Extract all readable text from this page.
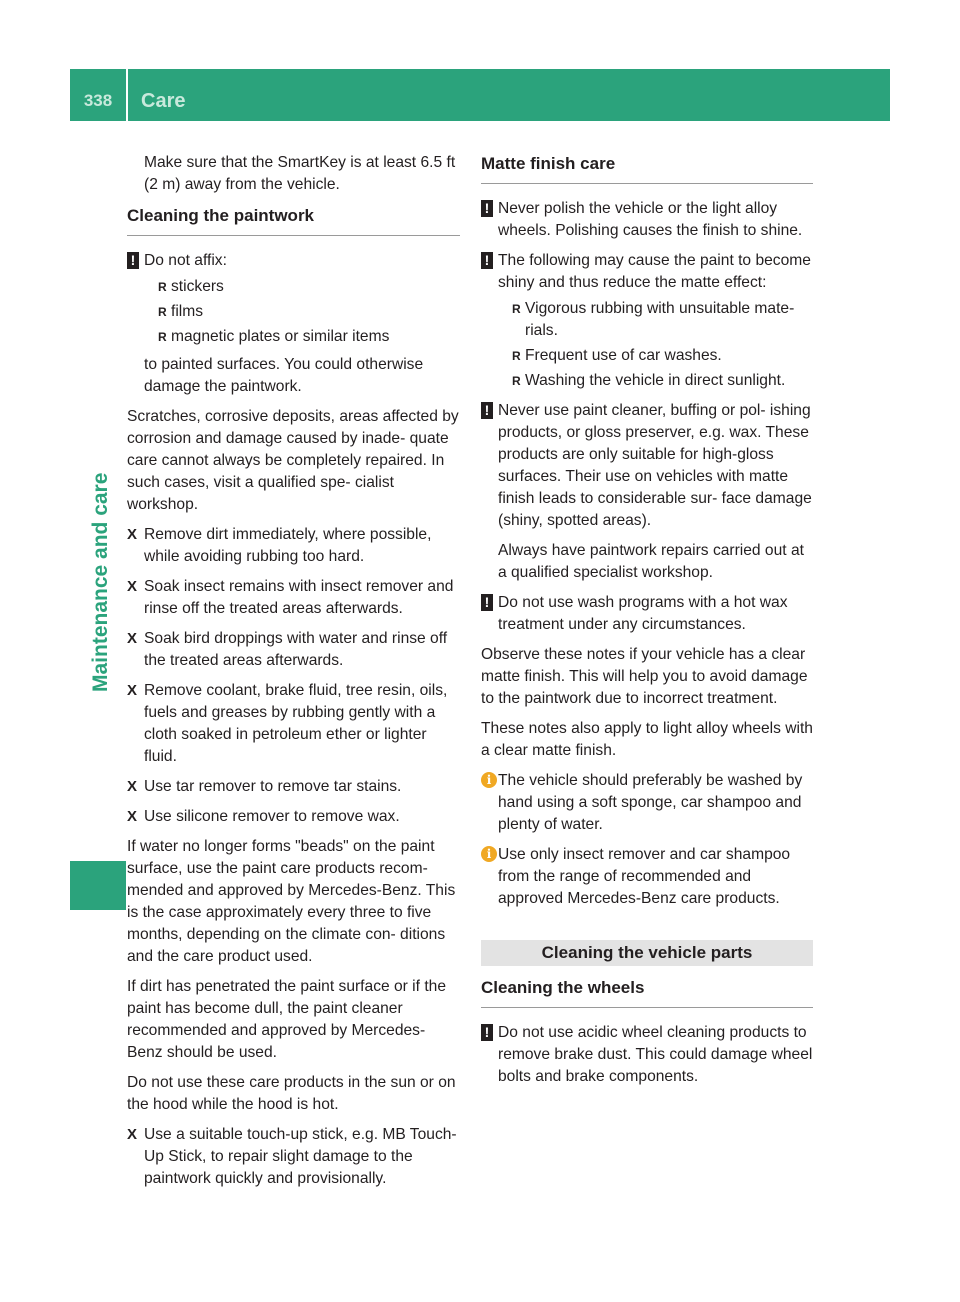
338	Care
Maintenance and care

Make sure that the SmartKey is at least 6.5 ft (2 m) away from the vehicle.

Cleaning the paintwork
! Do not affix:

R stickers
R films
R magnetic plates or similar items

to painted surfaces. You could otherwise damage the paintwork.

Scratches, corrosive deposits, areas affected by corrosion and damage caused by inade- quate care cannot always be completely repaired. In such cases, visit a qualified spe- cialist workshop.

X Remove dirt immediately, where possible, while avoiding rubbing too hard.
X Soak insect remains with insect remover and rinse off the treated areas afterwards.
X Soak bird droppings with water and rinse off the treated areas afterwards.
X Remove coolant, brake fluid, tree resin, oils, fuels and greases by rubbing gently with a cloth soaked in petroleum ether or lighter fluid.
X Use tar remover to remove tar stains.
X Use silicone remover to remove wax.

If water no longer forms "beads" on the paint surface, use the paint care products recom- mended and approved by Mercedes-Benz. This is the case approximately every three to five months, depending on the climate con- ditions and the care product used.

If dirt has penetrated the paint surface or if the paint has become dull, the paint cleaner recommended and approved by Mercedes- Benz should be used.

Do not use these care products in the sun or on the hood while the hood is hot.

X Use a suitable touch-up stick, e.g. MB Touch-Up Stick, to repair slight damage to the paintwork quickly and provisionally.
Matte finish care
! Never polish the vehicle or the light alloy wheels. Polishing causes the finish to shine.

! The following may cause the paint to become shiny and thus reduce the matte effect:

R Vigorous rubbing with unsuitable mate- rials.
R Frequent use of car washes.
R Washing the vehicle in direct sunlight.
! Never use paint cleaner, buffing or pol- ishing products, or gloss preserver, e.g. wax. These products are only suitable for high-gloss surfaces. Their use on vehicles with matte finish leads to considerable sur- face damage (shiny, spotted areas).

Always have paintwork repairs carried out at a qualified specialist workshop.

! Do not use wash programs with a hot wax treatment under any circumstances.

Observe these notes if your vehicle has a clear matte finish. This will help you to avoid damage to the paintwork due to incorrect treatment.

These notes also apply to light alloy wheels with a clear matte finish.

i The vehicle should preferably be washed by hand using a soft sponge, car shampoo and plenty of water.

i Use only insect remover and car shampoo from the range of recommended and approved Mercedes-Benz care products.

Cleaning the vehicle parts
Cleaning the wheels
! Do not use acidic wheel cleaning products to remove brake dust. This could damage wheel bolts and brake components.
